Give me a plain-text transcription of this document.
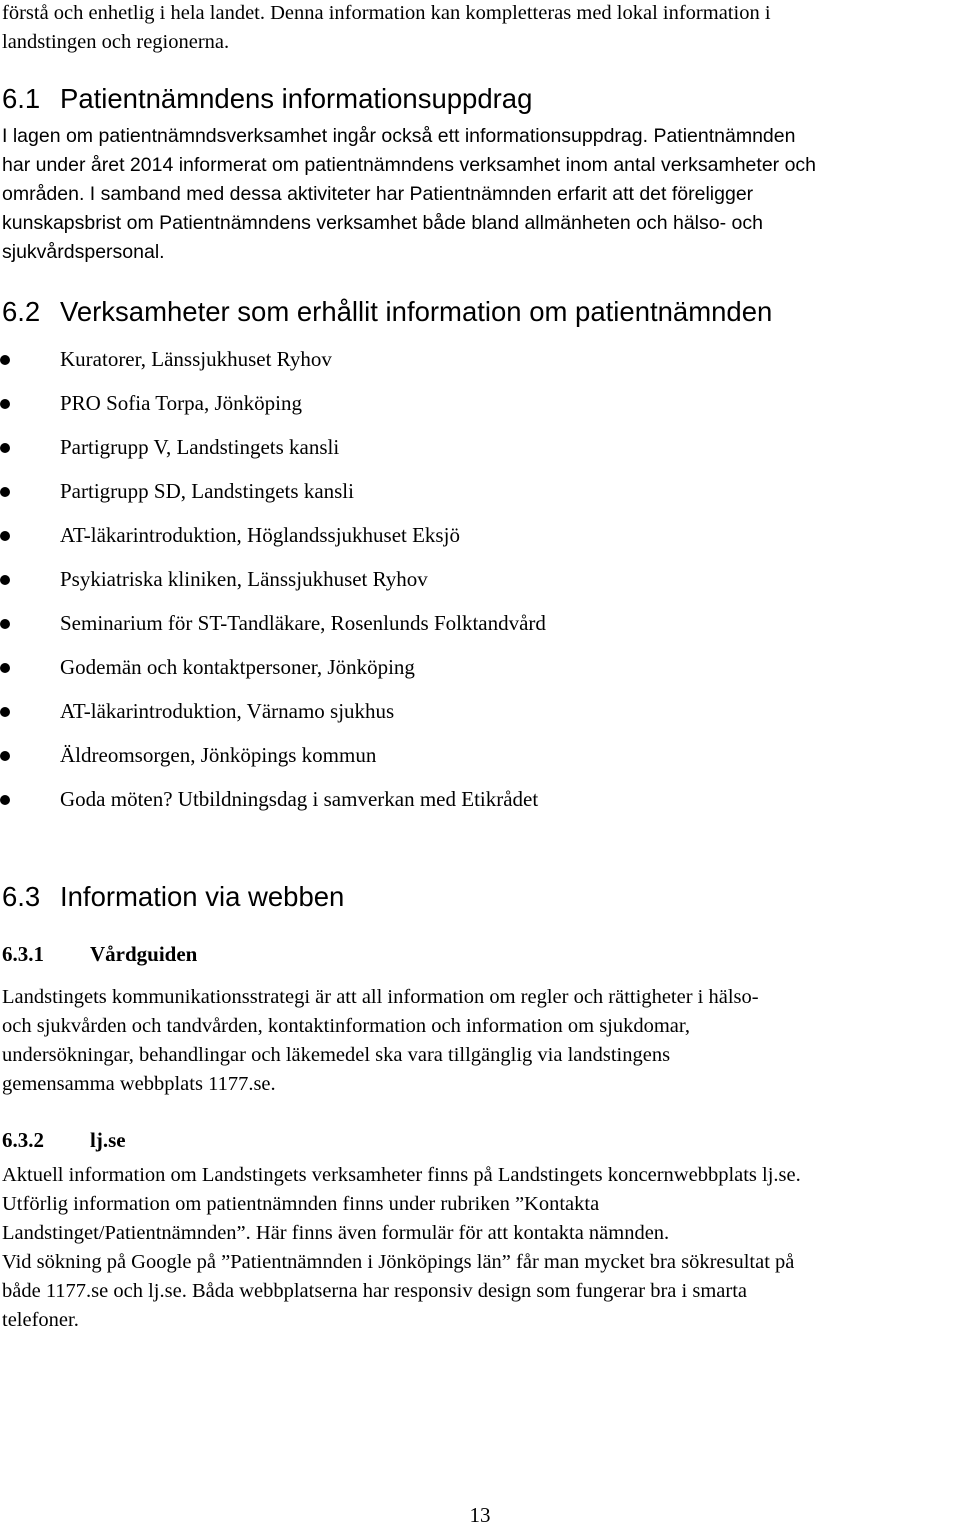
förstå och enhetlig i hela landet. Denna information kan kompletteras med lokal information i
landstingen och regionerna.
6.1 Patientnämndens informationsuppdrag
I lagen om patientnämndsverksamhet ingår också ett informationsuppdrag. Patientnämnden
har under året 2014 informerat om patientnämndens verksamhet inom antal verksamheter och
områden. I samband med dessa aktiviteter har Patientnämnden erfarit att det föreligger
kunskapsbrist om Patientnämndens verksamhet både bland allmänheten och hälso- och
sjukvårdspersonal.
6.2 Verksamheter som erhållit information om patientnämnden
Kuratorer, Länssjukhuset Ryhov
PRO Sofia Torpa, Jönköping
Partigrupp V, Landstingets kansli
Partigrupp SD, Landstingets kansli
AT-läkarintroduktion, Höglandssjukhuset Eksjö
Psykiatriska kliniken, Länssjukhuset Ryhov
Seminarium för ST-Tandläkare, Rosenlunds Folktandvård
Godemän och kontaktpersoner, Jönköping
AT-läkarintroduktion, Värnamo sjukhus
Äldreomsorgen, Jönköpings kommun
Goda möten? Utbildningsdag i samverkan med Etikrådet
6.3 Information via webben
6.3.1 Vårdguiden
Landstingets kommunikationsstrategi är att all information om regler och rättigheter i hälso-
och sjukvården och tandvården, kontaktinformation och information om sjukdomar,
undersökningar, behandlingar och läkemedel ska vara tillgänglig via landstingens
gemensamma webbplats 1177.se.
6.3.2 lj.se
Aktuell information om Landstingets verksamheter finns på Landstingets koncernwebbplats lj.se.
Utförlig information om patientnämnden finns under rubriken ”Kontakta
Landstinget/Patientnämnden”. Här finns även formulär för att kontakta nämnden.
Vid sökning på Google på ”Patientnämnden i Jönköpings län” får man mycket bra sökresultat på
både 1177.se och lj.se. Båda webbplatserna har responsiv design som fungerar bra i smarta
telefoner.
13
